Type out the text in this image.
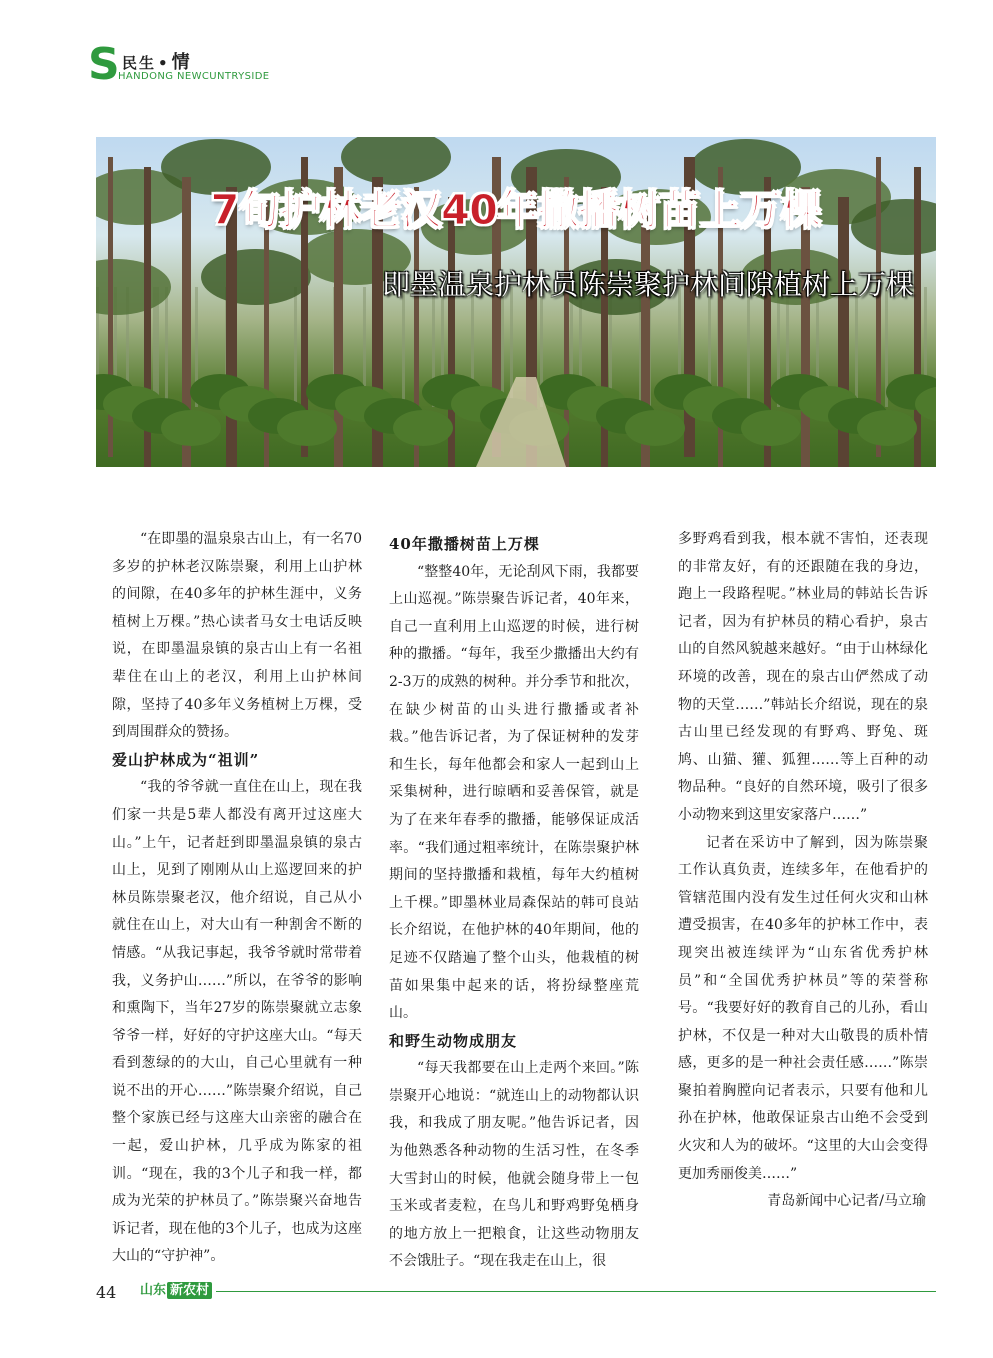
S 民生 • 情
HANDONG NEWCUNTRYSIDE
7旬护林老汉40年撒播树苗上万棵
即墨温泉护林员陈崇聚护林间隙植树上万棵

“在即墨的温泉泉古山上，有一名70多岁的护林老汉陈崇聚，利用上山护林的间隙，在40多年的护林生涯中，义务植树上万棵。”热心读者马女士电话反映说，在即墨温泉镇的泉古山上有一名祖辈住在山上的老汉，利用上山护林间隙，坚持了40多年义务植树上万棵，受到周围群众的赞扬。

爱山护林成为“祖训”

“我的爷爷就一直住在山上，现在我们家一共是5辈人都没有离开过这座大山。”上午，记者赶到即墨温泉镇的泉古山上，见到了刚刚从山上巡逻回来的护林员陈崇聚老汉，他介绍说，自己从小就住在山上，对大山有一种割舍不断的情感。“从我记事起，我爷爷就时常带着我，义务护山……”所以，在爷爷的影响和熏陶下，当年27岁的陈崇聚就立志象爷爷一样，好好的守护这座大山。“每天看到葱绿的的大山，自己心里就有一种说不出的开心……”陈崇聚介绍说，自己整个家族已经与这座大山亲密的融合在一起，爱山护林，几乎成为陈家的祖训。“现在，我的3个儿子和我一样，都成为光荣的护林员了。”陈崇聚兴奋地告诉记者，现在他的3个儿子，也成为这座大山的“守护神”。

40年撒播树苗上万棵

“整整40年，无论刮风下雨，我都要上山巡视。”陈崇聚告诉记者，40年来，自己一直利用上山巡逻的时候，进行树种的撒播。“每年，我至少撒播出大约有2-3万的成熟的树种。并分季节和批次，在缺少树苗的山头进行撒播或者补栽。”他告诉记者，为了保证树种的发芽和生长，每年他都会和家人一起到山上采集树种，进行晾晒和妥善保管，就是为了在来年春季的撒播，能够保证成活率。“我们通过粗率统计，在陈崇聚护林期间的坚持撒播和栽植，每年大约植树上千棵。”即墨林业局森保站的韩可良站长介绍说，在他护林的40年期间，他的足迹不仅踏遍了整个山头，他栽植的树苗如果集中起来的话，将扮绿整座荒山。

和野生动物成朋友

“每天我都要在山上走两个来回。”陈崇聚开心地说：“就连山上的动物都认识我，和我成了朋友呢。”他告诉记者，因为他熟悉各种动物的生活习性，在冬季大雪封山的时候，他就会随身带上一包玉米或者麦粒，在鸟儿和野鸡野兔栖身的地方放上一把粮食，让这些动物朋友不会饿肚子。“现在我走在山上，很

多野鸡看到我，根本就不害怕，还表现的非常友好，有的还跟随在我的身边，跑上一段路程呢。”林业局的韩站长告诉记者，因为有护林员的精心看护，泉古山的自然风貌越来越好。“由于山林绿化环境的改善，现在的泉古山俨然成了动物的天堂……”韩站长介绍说，现在的泉古山里已经发现的有野鸡、野兔、斑鸠、山猫、獾、狐狸……等上百种的动物品种。“良好的自然环境，吸引了很多小动物来到这里安家落户……”

记者在采访中了解到，因为陈崇聚工作认真负责，连续多年，在他看护的管辖范围内没有发生过任何火灾和山林遭受损害，在40多年的护林工作中，表现突出被连续评为“山东省优秀护林员”和“全国优秀护林员”等的荣誉称号。“我要好好的教育自己的儿孙，看山护林，不仅是一种对大山敬畏的质朴情感，更多的是一种社会责任感……”陈崇聚拍着胸膛向记者表示，只要有他和儿孙在护林，他敢保证泉古山绝不会受到火灾和人为的破坏。“这里的大山会变得更加秀丽俊美……”

青岛新闻中心记者/马立瑜

44 山东 新农村
